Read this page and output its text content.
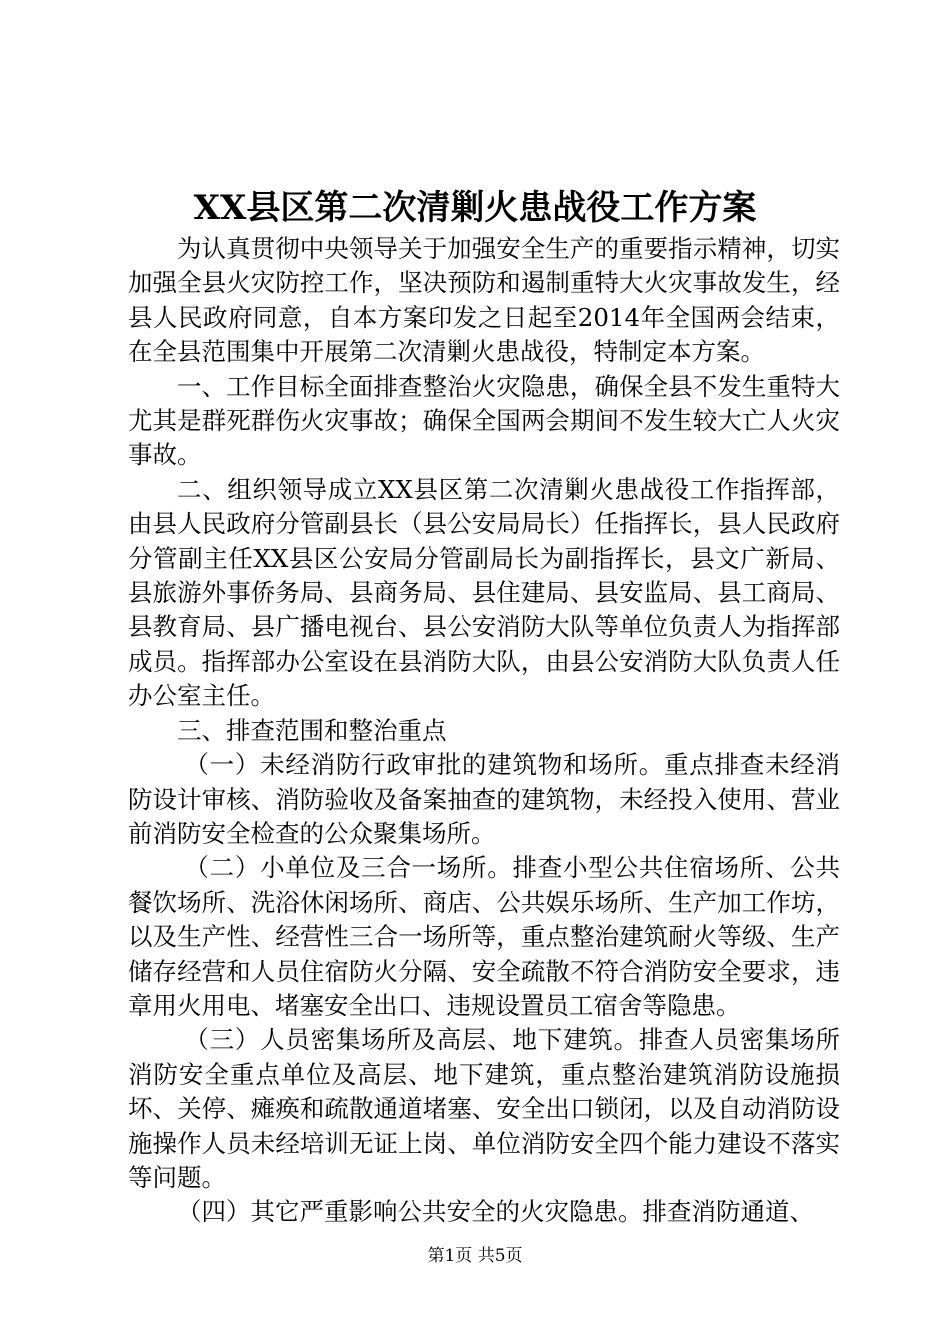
XX县区第二次清剿火患战役工作方案

为认真贯彻中央领导关于加强安全生产的重要指示精神，切实加强全县火灾防控工作，坚决预防和遏制重特大火灾事故发生，经县人民政府同意，自本方案印发之日起至2014年全国两会结束，在全县范围集中开展第二次清剿火患战役，特制定本方案。

一、工作目标全面排查整治火灾隐患，确保全县不发生重特大尤其是群死群伤火灾事故；确保全国两会期间不发生较大亡人火灾事故。

二、组织领导成立XX县区第二次清剿火患战役工作指挥部，由县人民政府分管副县长（县公安局局长）任指挥长，县人民政府分管副主任XX县区公安局分管副局长为副指挥长，县文广新局、县旅游外事侨务局、县商务局、县住建局、县安监局、县工商局、县教育局、县广播电视台、县公安消防大队等单位负责人为指挥部成员。指挥部办公室设在县消防大队，由县公安消防大队负责人任办公室主任。

三、排查范围和整治重点

（一）未经消防行政审批的建筑物和场所。重点排查未经消防设计审核、消防验收及备案抽查的建筑物，未经投入使用、营业前消防安全检查的公众聚集场所。

（二）小单位及三合一场所。排查小型公共住宿场所、公共餐饮场所、洗浴休闲场所、商店、公共娱乐场所、生产加工作坊，以及生产性、经营性三合一场所等，重点整治建筑耐火等级、生产储存经营和人员住宿防火分隔、安全疏散不符合消防安全要求，违章用火用电、堵塞安全出口、违规设置员工宿舍等隐患。

（三）人员密集场所及高层、地下建筑。排查人员密集场所消防安全重点单位及高层、地下建筑，重点整治建筑消防设施损坏、关停、瘫痪和疏散通道堵塞、安全出口锁闭，以及自动消防设施操作人员未经培训无证上岗、单位消防安全四个能力建设不落实等问题。

（四）其它严重影响公共安全的火灾隐患。排查消防通道、

第1页 共5页
